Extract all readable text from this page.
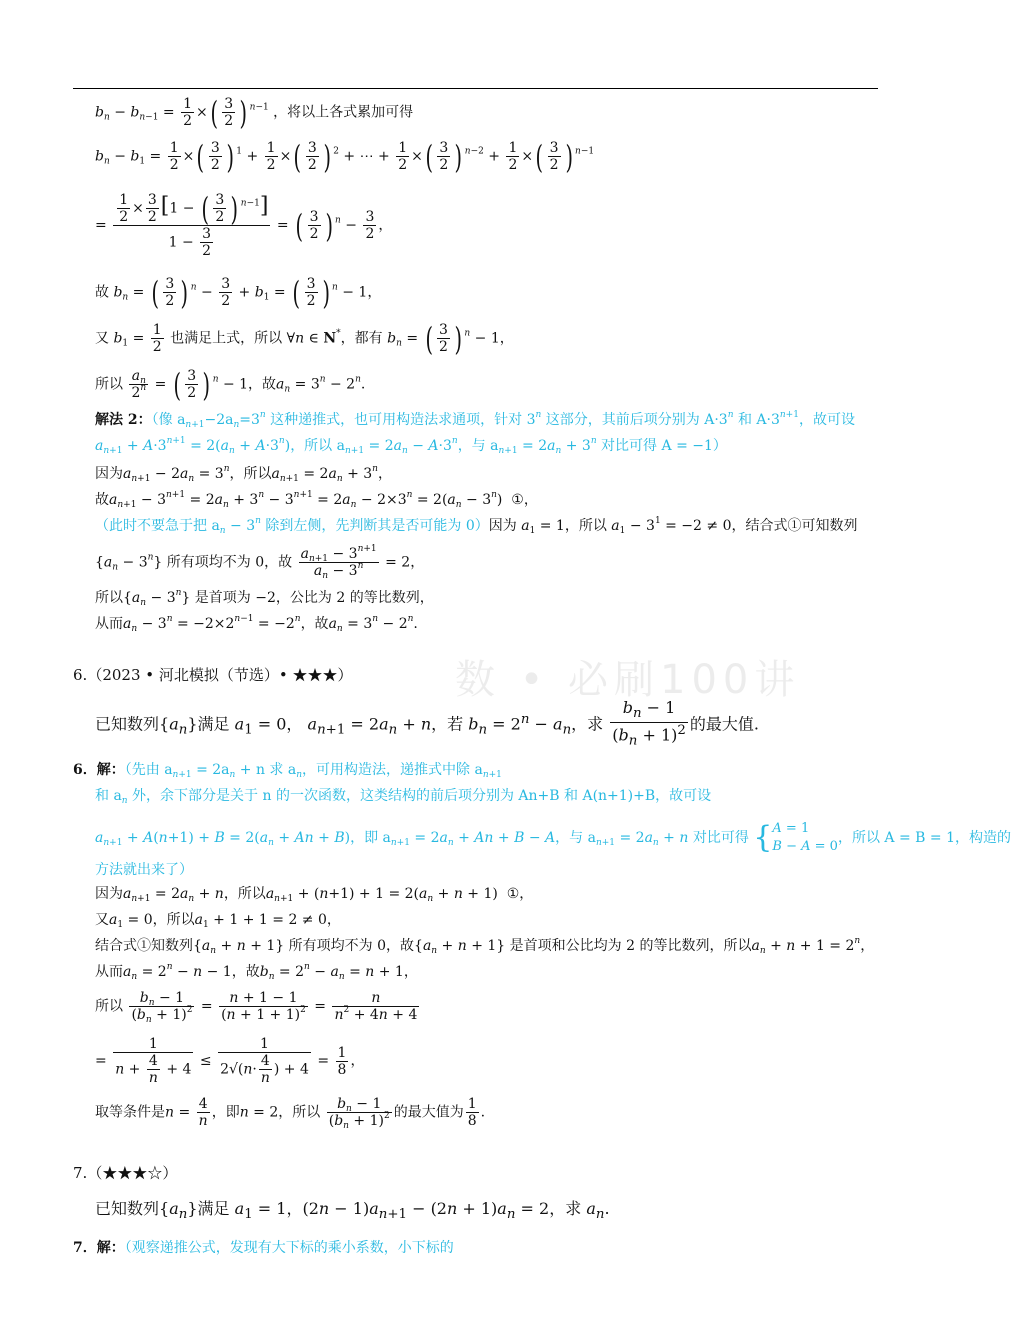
$b_n - b_{n-1} = \frac{1}{2}$ ×( $\frac{3}{2}$ ) $^{n-1}$ ，将以上各式累加可得
$b_n - b_1 = \frac{1}{2}$ ×( $\frac{3}{2}$ ) $^1 + \frac{1}{2}$ ×( $\frac{3}{2}$ ) $^2$ + ⋯ + $\frac{1}{2}$ ×( $\frac{3}{2}$ ) $^{n-2} + \frac{1}{2}$ ×( $\frac{3}{2}$ ) $^{n-1}$
= $\frac{\frac{1}{2} \times \frac{3}{2} [1 - ( \frac{3}{2} ) ^{n-1}]}{1 - \frac{3}{2}}$ = ( $\frac{3}{2}$ ) $^n - \frac{3}{2}$ ，
故 $b_n$ = ( $\frac{3}{2}$ ) $^n - \frac{3}{2} + b_1$ = ( $\frac{3}{2}$ ) $^n$ − 1，
又 $b_1 = \frac{1}{2}$ 也满足上式，所以 ∀n ∈ N*，都有 $b_n$ = ( $\frac{3}{2}$ ) $^n$ − 1，
所以 $\frac{a_n}{2^n}$ = ( $\frac{3}{2}$ ) $^n$ − 1，故$a_n = 3^n - 2^n$.
解法 2：（像 $a_{n+1}-2a_n=3^n$ 这种递推式，也可用构造法求通项，针对 3$^n$ 这部分，其前后项分别为 $A\cdot 3^n$ 和 $A\cdot 3^{n+1}$，故可设
$a_{n+1} + A\cdot 3^{n+1} = 2(a_n + A\cdot 3^n)$，所以 $a_{n+1} = 2a_n - A\cdot 3^n$，与 $a_{n+1} = 2a_n + 3^n$ 对比可得 A = −1）
因为$a_{n+1} - 2a_n = 3^n$，所以$a_{n+1} = 2a_n + 3^n$，
故$a_{n+1} - 3^{n+1} = 2a_n + 3^n - 3^{n+1} = 2a_n - 2\times 3^n = 2(a_n - 3^n)$  ①，
（此时不要急于把 $a_n - 3^n$ 除到左侧，先判断其是否可能为 0）因为 $a_1 = 1$，所以 $a_1 - 3^1 = -2 \ne 0$，结合式①可知数列
$\{a_n - 3^n\}$ 所有项均不为 0，故 $\frac{a_{n+1} - 3^{n+1}}{a_n - 3^n} = 2$，
所以$\{a_n - 3^n\}$ 是首项为 −2，公比为 2 的等比数列，
从而$a_n - 3^n = -2\times 2^{n-1} = -2^n$，故$a_n = 3^n - 2^n$.
数 • 必刷100讲
6.（2023 • 河北模拟（节选）• ★★★）
已知数列$\{a_n\}$满足 $a_1 = 0$， $a_{n+1} = 2a_n + n$，若 $b_n = 2^n - a_n$，求 $\frac{b_n - 1}{(b_n + 1)^2}$ 的最大值.
6．解：（先由 $a_{n+1} = 2a_n + n$ 求 $a_n$，可用构造法，递推式中除 $a_{n+1}$
和 $a_n$ 外，余下部分是关于 n 的一次函数，这类结构的前后项分别为 An+B 和 A(n+1)+B，故可设
$a_{n+1} + A(n+1) + B = 2(a_n + An + B)$，即 $a_{n+1} = 2a_n + An + B - A$，与 $a_{n+1} = 2a_n + n$ 对比可得 {A = 1
B − A = 0，所以 A = B = 1，构造的
方法就出来了）
因为$a_{n+1} = 2a_n + n$，所以$a_{n+1} + (n+1) + 1 = 2(a_n + n + 1)$  ①，
又$a_1 = 0$，所以$a_1 + 1 + 1 = 2 \ne 0$，
结合式①知数列$\{a_n + n + 1\}$ 所有项均不为 0，故$\{a_n + n + 1\}$ 是首项和公比均为 2 的等比数列，所以$a_n + n + 1 = 2^n$，
从而$a_n = 2^n - n - 1$，故$b_n = 2^n - a_n = n + 1$，
所以 $\frac{b_n - 1}{(b_n + 1)^2} = \frac{n + 1 - 1}{(n + 1 + 1)^2} = \frac{n}{n^2 + 4n + 4}$
= $\frac{1}{n + \frac{4}{n} + 4} \le \frac{1}{2√(n\cdot \frac{4}{n} ) + 4} = \frac{1}{8}$ ，
取等条件是$n = \frac{4}{n}$ ，即n = 2，所以 $\frac{b_n - 1}{(b_n + 1)^2}$ 的最大值为 $\frac{1}{8}$ .
7.（★★★☆）
已知数列$\{a_n\}$满足 $a_1 = 1$，$(2n - 1)a_{n+1} - (2n + 1)a_n = 2$，求 $a_n$.
7．解：（观察递推公式，发现有大下标的乘小系数，小下标的
